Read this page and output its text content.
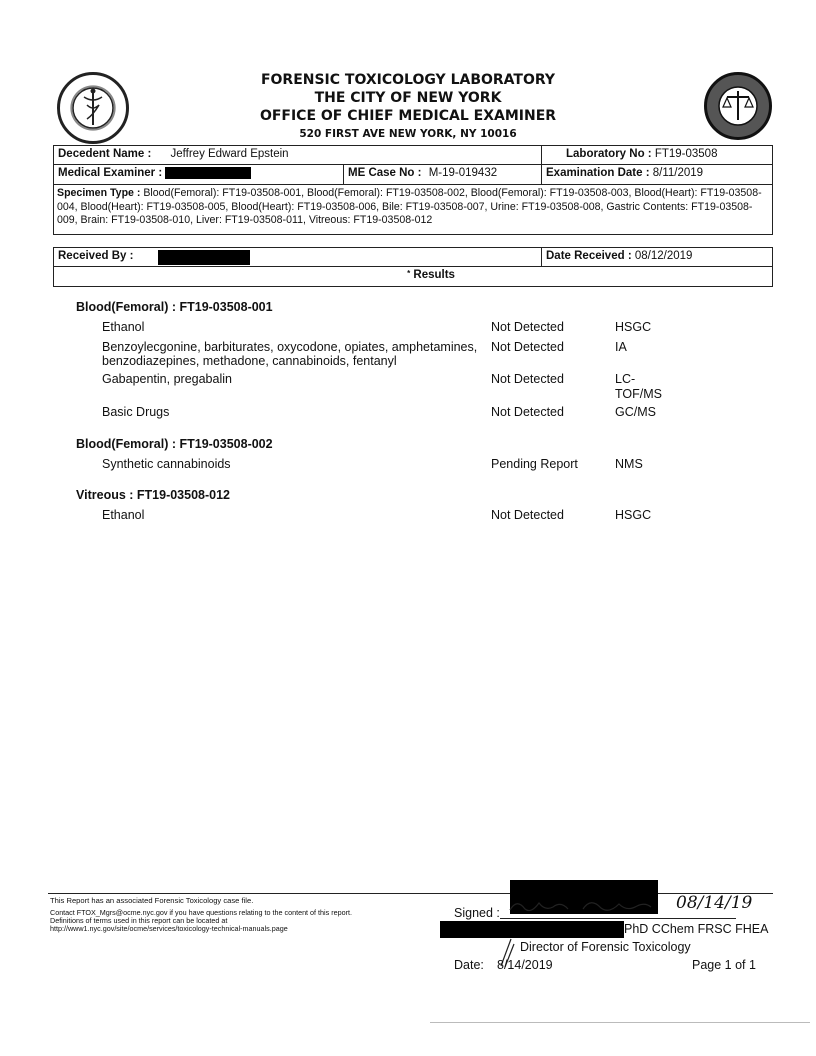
FORENSIC TOXICOLOGY LABORATORY
THE CITY OF NEW YORK
OFFICE OF CHIEF MEDICAL EXAMINER
520 FIRST AVE NEW YORK, NY 10016
Decedent Name : Jeffrey Edward Epstein	Laboratory No : FT19-03508
Medical Examiner :	ME Case No : M-19-019432	Examination Date : 8/11/2019
Specimen Type : Blood(Femoral): FT19-03508-001, Blood(Femoral): FT19-03508-002, Blood(Femoral): FT19-03508-003, Blood(Heart): FT19-03508-004, Blood(Heart): FT19-03508-005, Blood(Heart): FT19-03508-006, Bile: FT19-03508-007, Urine: FT19-03508-008, Gastric Contents: FT19-03508-009, Brain: FT19-03508-010, Liver: FT19-03508-011, Vitreous: FT19-03508-012
Received By :	Date Received : 08/12/2019
* Results
Blood(Femoral) : FT19-03508-001
Ethanol	Not Detected	HSGC
Benzoylecgonine, barbiturates, oxycodone, opiates, amphetamines, benzodiazepines, methadone, cannabinoids, fentanyl
Not Detected	IA
Gabapentin, pregabalin	Not Detected	LC-TOF/MS
Basic Drugs	Not Detected	GC/MS
Blood(Femoral) : FT19-03508-002
Synthetic cannabinoids	Pending Report	NMS
Vitreous : FT19-03508-012
Ethanol	Not Detected	HSGC
This Report has an associated Forensic Toxicology case file.
Contact FTOX_Mgrs@ocme.nyc.gov if you have questions relating to the content of this report.
Definitions of terms used in this report can be located at
http://www1.nyc.gov/site/ocme/services/toxicology-technical-manuals.page
Signed :	08/14/19
PhD CChem FRSC FHEA
Director of Forensic Toxicology
Date: 8/14/2019	Page 1 of 1
